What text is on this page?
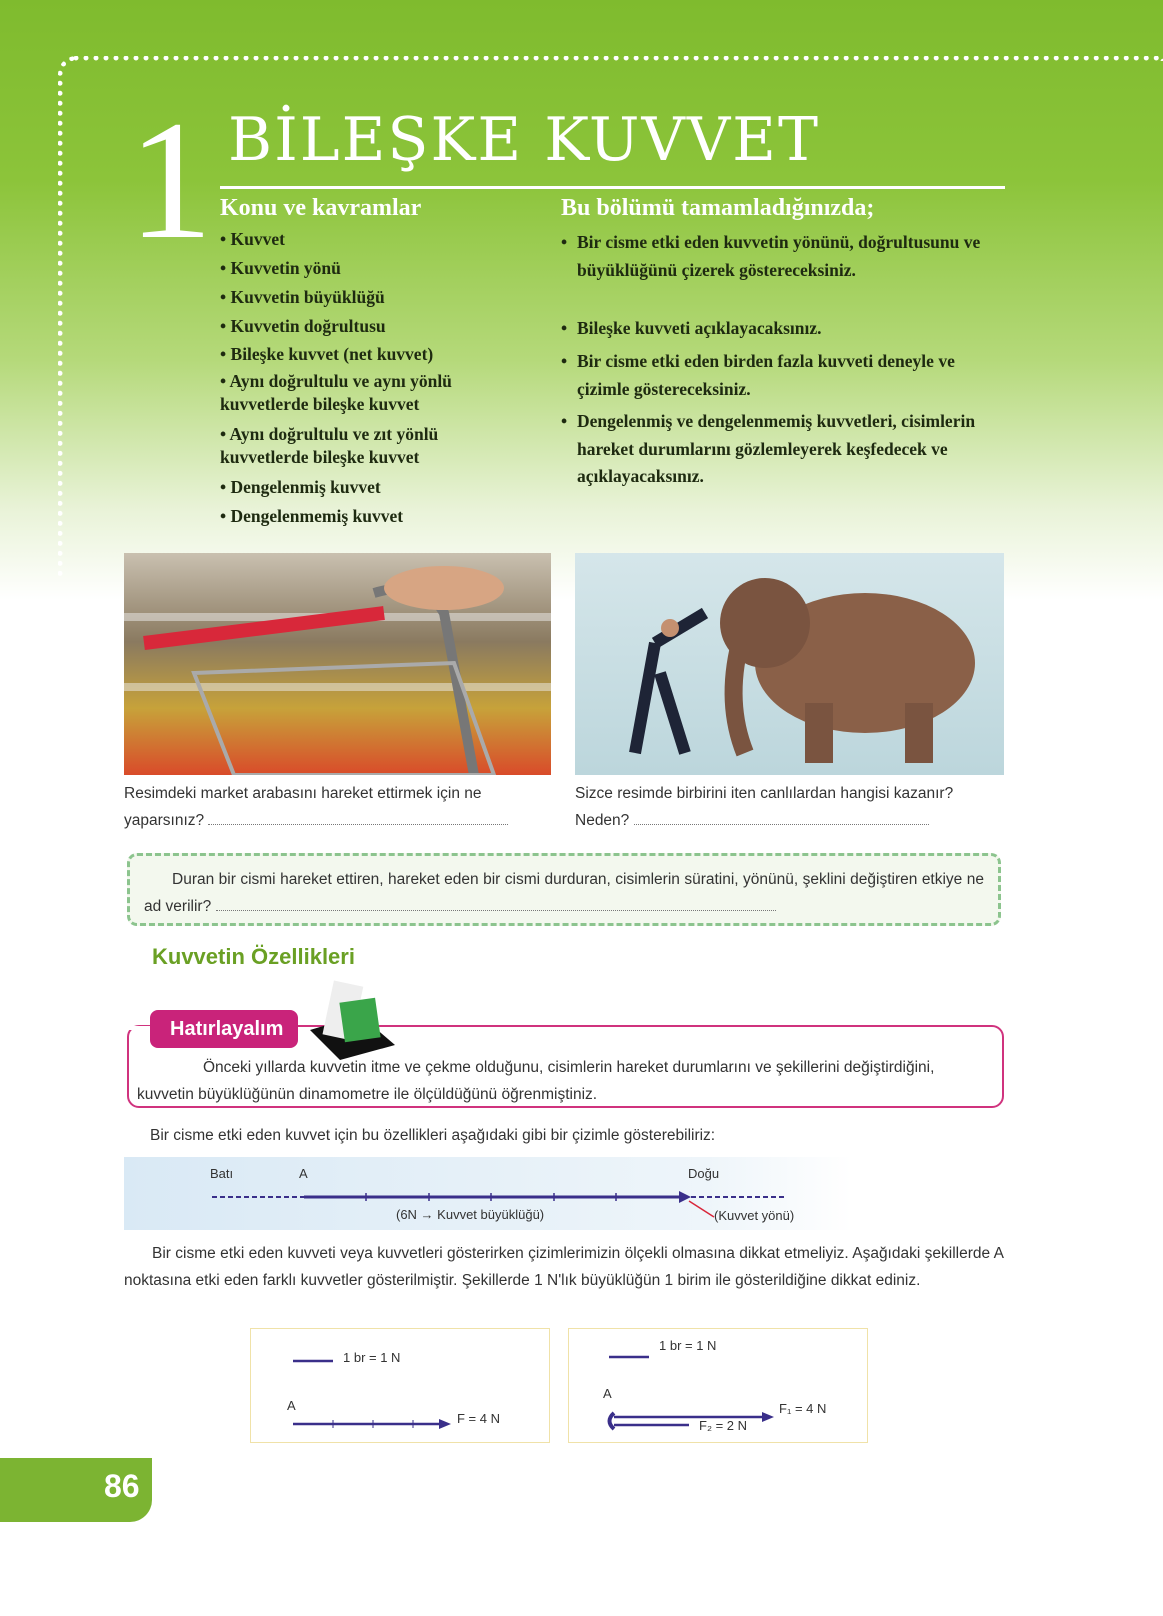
1 BİLEŞKE KUVVET
Konu ve kavramlar
• Kuvvet
• Kuvvetin yönü
• Kuvvetin büyüklüğü
• Kuvvetin doğrultusu
• Bileşke kuvvet (net kuvvet)
• Aynı doğrultulu ve aynı yönlü kuvvetlerde bileşke kuvvet
• Aynı doğrultulu ve zıt yönlü kuvvetlerde bileşke kuvvet
• Dengelenmiş kuvvet
• Dengelenmemiş kuvvet
Bu bölümü tamamladığınızda;
• Bir cisme etki eden kuvvetin yönünü, doğrultusunu ve büyüklüğünü çizerek göstereceksiniz.
• Bileşke kuvveti açıklayacaksınız.
• Bir cisme etki eden birden fazla kuvveti deneyle ve çizimle göstereceksiniz.
• Dengelenmiş ve dengelenmemiş kuvvetleri, cisimlerin hareket durumlarını gözlemleyerek keşfedecek ve açıklayacaksınız.
Resimdeki market arabasını hareket ettirmek için ne yaparsınız?
Sizce resimde birbirini iten canlılardan hangisi kazanır? Neden?
Duran bir cismi hareket ettiren, hareket eden bir cismi durduran, cisimlerin süratini, yönünü, şeklini değiştiren etkiye ne ad verilir?
Kuvvetin Özellikleri
Önceki yıllarda kuvvetin itme ve çekme olduğunu, cisimlerin hareket durumlarını ve şekillerini değiştirdiğini, kuvvetin büyüklüğünün dinamometre ile ölçüldüğünü öğrenmiştiniz.
Hatırlayalım
Bir cisme etki eden kuvvet için bu özellikleri aşağıdaki gibi bir çizimle gösterebiliriz:
Batı	A	Doğu
(6N → Kuvvet büyüklüğü)	(Kuvvet yönü)
Bir cisme etki eden kuvveti veya kuvvetleri gösterirken çizimlerimizin ölçekli olmasına dikkat etmeliyiz. Aşağıdaki şekillerde A noktasına etki eden farklı kuvvetler gösterilmiştir. Şekillerde 1 N'lık büyüklüğün 1 birim ile gösterildiğine dikkat ediniz.
1 br = 1 N
A
F = 4 N
1 br = 1 N
A
F₁ = 4 N
F₂ = 2 N
86
